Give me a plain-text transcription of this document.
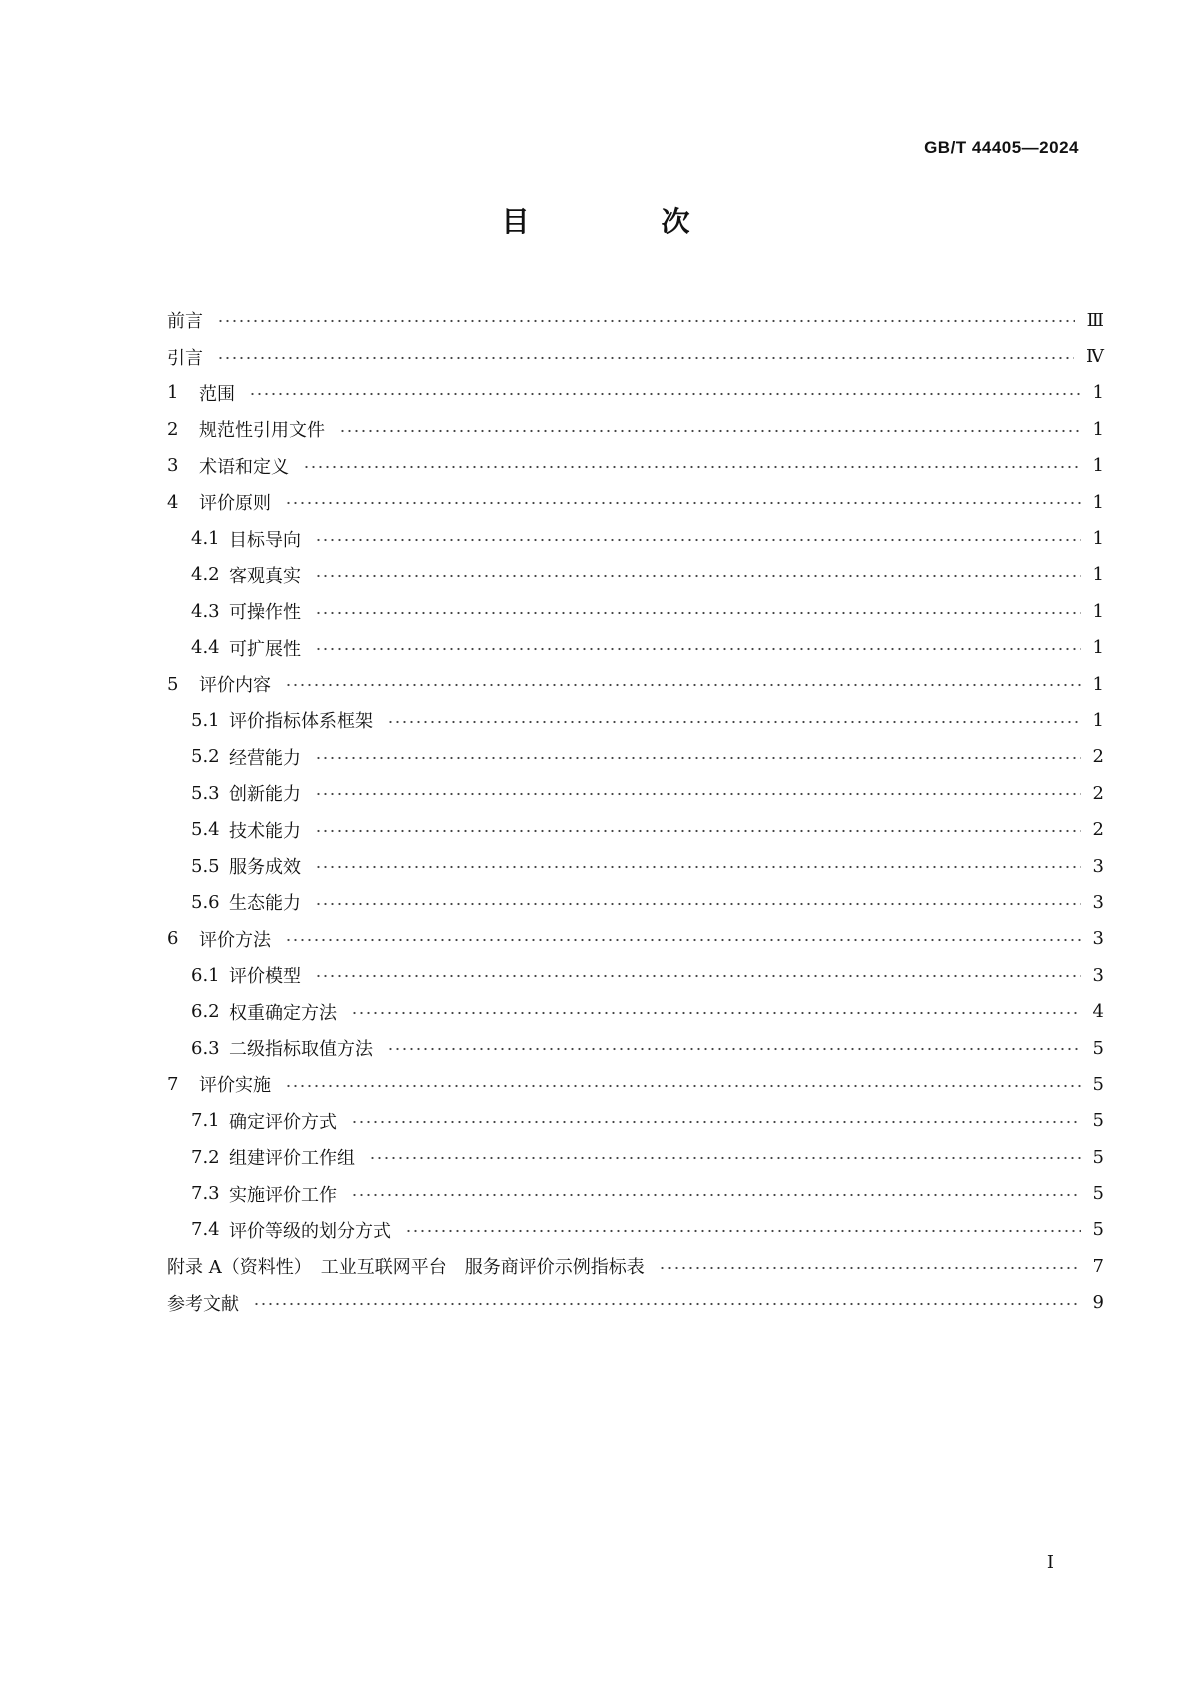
GB/T 44405—2024
目　次
前言	Ⅲ
引言	Ⅳ
1	范围	1
2	规范性引用文件	1
3	术语和定义	1
4	评价原则	1
4.1 目标导向	1
4.2 客观真实	1
4.3 可操作性	1
4.4 可扩展性	1
5	评价内容	1
5.1 评价指标体系框架	1
5.2 经营能力	2
5.3 创新能力	2
5.4 技术能力	2
5.5 服务成效	3
5.6 生态能力	3
6	评价方法	3
6.1 评价模型	3
6.2 权重确定方法	4
6.3 二级指标取值方法	5
7	评价实施	5
7.1 确定评价方式	5
7.2 组建评价工作组	5
7.3 实施评价工作	5
7.4 评价等级的划分方式	5
附录 A（资料性）　工业互联网平台　服务商评价示例指标表	7
参考文献	9
I
